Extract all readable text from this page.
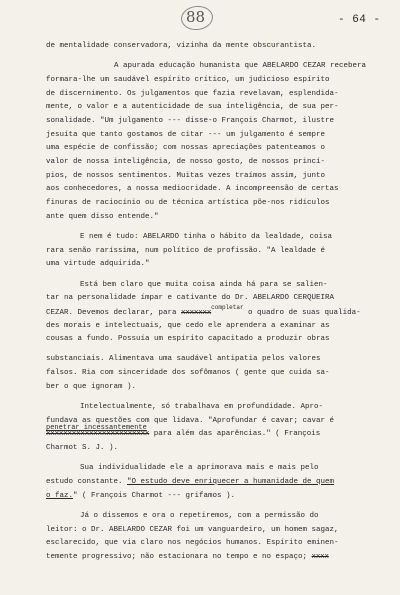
88	- 64 -
de mentalidade conservadora, vizinha da mente obscurantista.
A apurada educação humanista que ABELARDO CEZAR recebera
formara-lhe um saudável espírito crítico, um judicioso espírito
de discernimento. Os julgamentos que fazia revelavam, esplendida-
mente, o valor e a autenticidade de sua inteligência, de sua per-
sonalidade. "Um julgamento --- disse-o François Charmot, ilustre
jesuíta que tanto gostamos de citar --- um julgamento é sempre
uma espécie de confissão; com nossas apreciações patenteamos o
valor de nossa inteligência, de nosso gosto, de nossos princí-
pios, de nossos sentimentos. Muitas vezes traímos assim, junto
aos conhecedores, a nossa mediocridade. A incompreensão de certas
finuras de raciocínio ou de técnica artística põe-nos ridículos
ante quem disso entende."
E nem é tudo: ABELARDO tinha o hábito da lealdade, coisa
rara senão raríssima, num político de profissão. "A lealdade é
uma virtude adquirida."
Está bem claro que muita coisa ainda há para se salien-
tar na personalidade ímpar e cativante do Dr. ABELARDO CERQUEIRA
CEZAR. Devemos declarar, para xxxxxxx$^{completar}$ o quadro de suas qualida-
des morais e intelectuais, que cedo ele aprendera a examinar as
cousas a fundo. Possuía um espírito capacitado a produzir obras
substanciais. Alimentava uma saudável antipatia pelos valores
falsos. Ria com sinceridade dos sofômanos ( gente que cuida sa-
ber o que ignoram ).
Intelectualmente, só trabalhava em profundidade. Apro-
fundava as questões com que lidava. "Aprofundar é cavar; cavar é
penetrar incessantemente
xxxxxxxxxxxxxxxxxxxxxxxx para além das aparências." ( François
Charmot S. J. ).
Sua individualidade ele a aprimorava mais e mais pelo
estudo constante. "O estudo deve enriquecer a humanidade de quem
o faz." ( François Charmot --- grifamos ).
Já o dissemos e ora o repetiremos, com a permissão do
leitor: o Dr. ABELARDO CEZAR foi um vanguardeiro, um homem sagaz,
esclarecido, que via claro nos negócios humanos. Espírito eminen-
temente progressivo; não estacionara no tempo e no espaço; xxxx
